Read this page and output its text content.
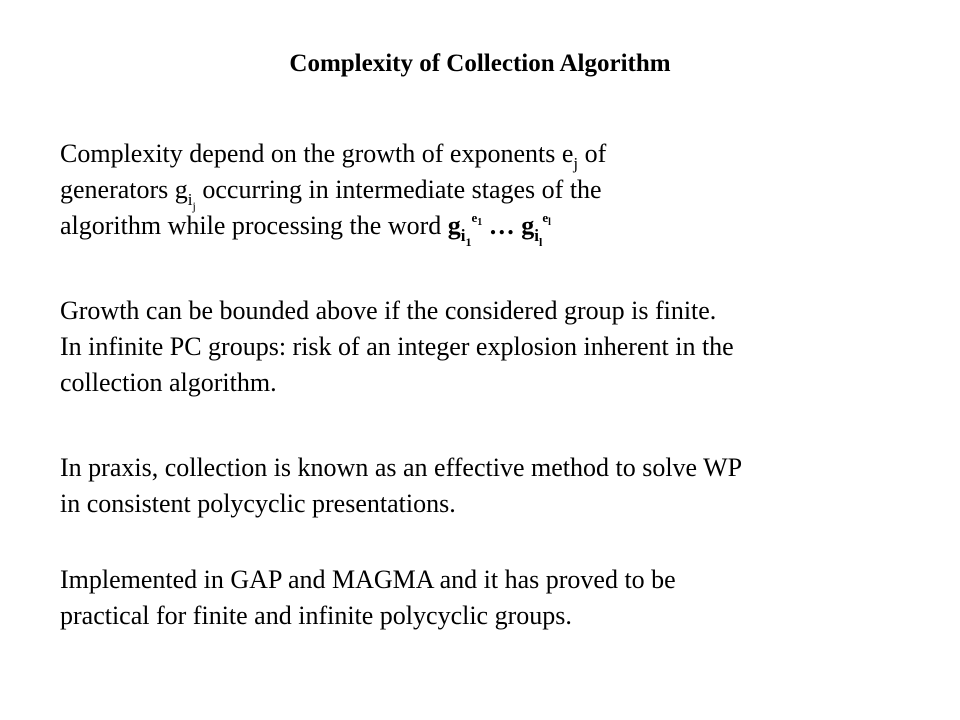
Complexity of Collection Algorithm
Complexity depend on the growth of exponents $e_j$ of
generators $g_{i_j}$ occurring in intermediate stages of the
algorithm while processing the word $g_{i_1}^{e_1}$ … $g_{i_l}^{e_l}$
Growth can be bounded above if the considered group is finite.
In infinite PC groups: risk of an integer explosion inherent in the
collection algorithm.
In praxis, collection is known as an effective method to solve WP
in consistent polycyclic presentations.
Implemented in GAP and MAGMA and it has proved to be
practical for finite and infinite polycyclic groups.
